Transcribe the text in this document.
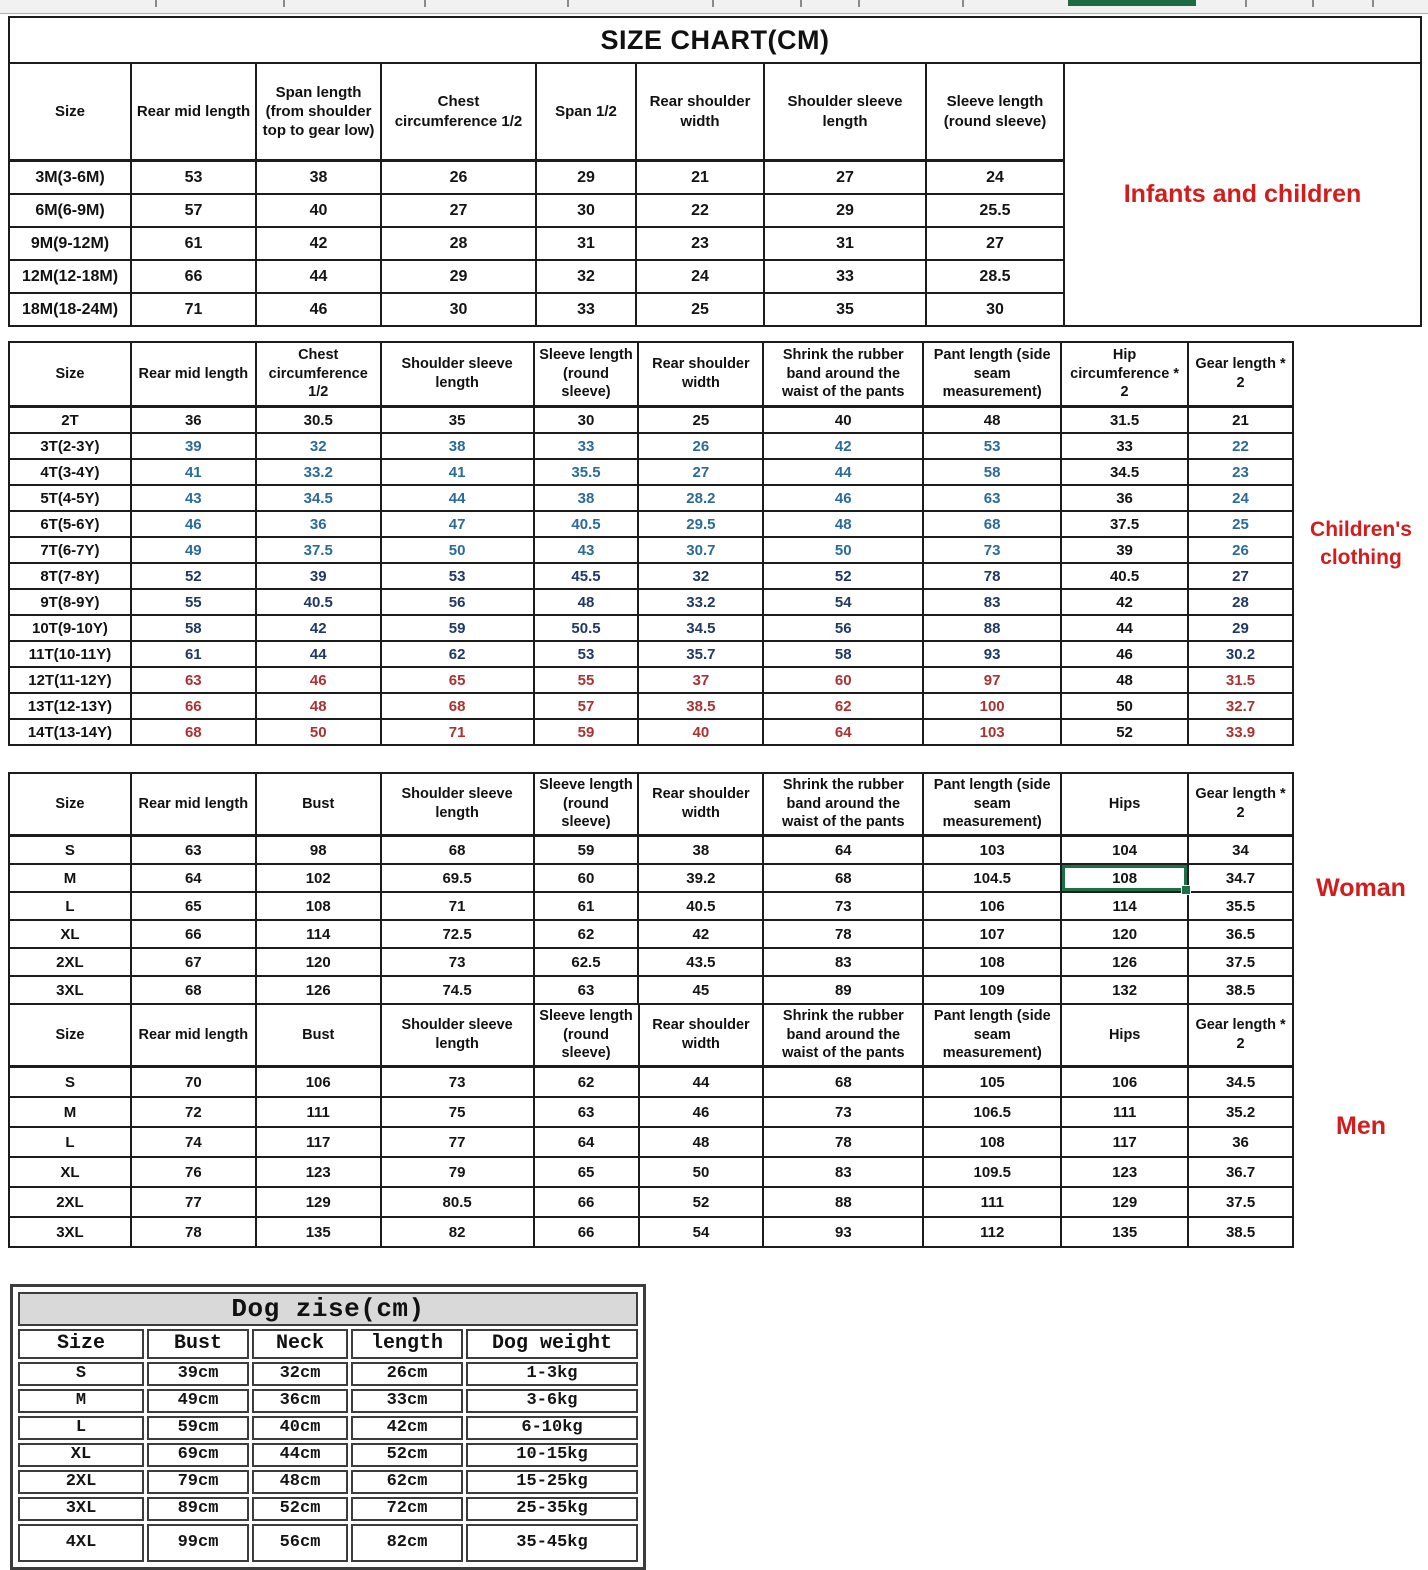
SIZE CHART(CM)								
Size	Rear mid length	Span length (from shoulder top to gear low)	Chest circumference 1/2	Span 1/2	Rear shoulder width	Shoulder sleeve length	Sleeve length (round sleeve)	Infants and children

3M(3-6M)	53	38	26	29	21	27	24	
6M(6-9M)	57	40	27	30	22	29	25.5	
9M(9-12M)	61	42	28	31	23	31	27	
12M(12-18M)	66	44	29	32	24	33	28.5	
18M(18-24M)	71	46	30	33	25	35	30	
Size	Rear mid length	Chest circumference 1/2	Shoulder sleeve length	Sleeve length (round sleeve)	Rear shoulder width	Shrink the rubber band around the waist of the pants	Pant length (side seam measurement)	Hip circumference * 2	Gear length * 2	Children's clothing

2T	36	30.5	35	30	25	40	48	31.5	21	
3T(2-3Y)	39	32	38	33	26	42	53	33	22	
4T(3-4Y)	41	33.2	41	35.5	27	44	58	34.5	23	
5T(4-5Y)	43	34.5	44	38	28.2	46	63	36	24	
6T(5-6Y)	46	36	47	40.5	29.5	48	68	37.5	25	
7T(6-7Y)	49	37.5	50	43	30.7	50	73	39	26	
8T(7-8Y)	52	39	53	45.5	32	52	78	40.5	27	
9T(8-9Y)	55	40.5	56	48	33.2	54	83	42	28	
10T(9-10Y)	58	42	59	50.5	34.5	56	88	44	29	
11T(10-11Y)	61	44	62	53	35.7	58	93	46	30.2	
12T(11-12Y)	63	46	65	55	37	60	97	48	31.5	
13T(12-13Y)	66	48	68	57	38.5	62	100	50	32.7	
14T(13-14Y)	68	50	71	59	40	64	103	52	33.9	
Size	Rear mid length	Bust	Shoulder sleeve length	Sleeve length (round sleeve)	Rear shoulder width	Shrink the rubber band around the waist of the pants	Pant length (side seam measurement)	Hips	Gear length * 2	Woman

S	63	98	68	59	38	64	103	104	34	
M	64	102	69.5	60	39.2	68	104.5	108	34.7	
L	65	108	71	61	40.5	73	106	114	35.5	
XL	66	114	72.5	62	42	78	107	120	36.5	
2XL	67	120	73	62.5	43.5	83	108	126	37.5	
3XL	68	126	74.5	63	45	89	109	132	38.5	
Size	Rear mid length	Bust	Shoulder sleeve length	Sleeve length (round sleeve)	Rear shoulder width	Shrink the rubber band around the waist of the pants	Pant length (side seam measurement)	Hips	Gear length * 2	Men

S	70	106	73	62	44	68	105	106	34.5	
M	72	111	75	63	46	73	106.5	111	35.2	
L	74	117	77	64	48	78	108	117	36	
XL	76	123	79	65	50	83	109.5	123	36.7	
2XL	77	129	80.5	66	52	88	111	129	37.5	
3XL	78	135	82	66	54	93	112	135	38.5	
Dog zise(cm)				
Size	Bust	Neck	length	Dog weight
S	39cm	32cm	26cm	1-3kg
M	49cm	36cm	33cm	3-6kg
L	59cm	40cm	42cm	6-10kg
XL	69cm	44cm	52cm	10-15kg
2XL	79cm	48cm	62cm	15-25kg
3XL	89cm	52cm	72cm	25-35kg
4XL	99cm	56cm	82cm	35-45kg
